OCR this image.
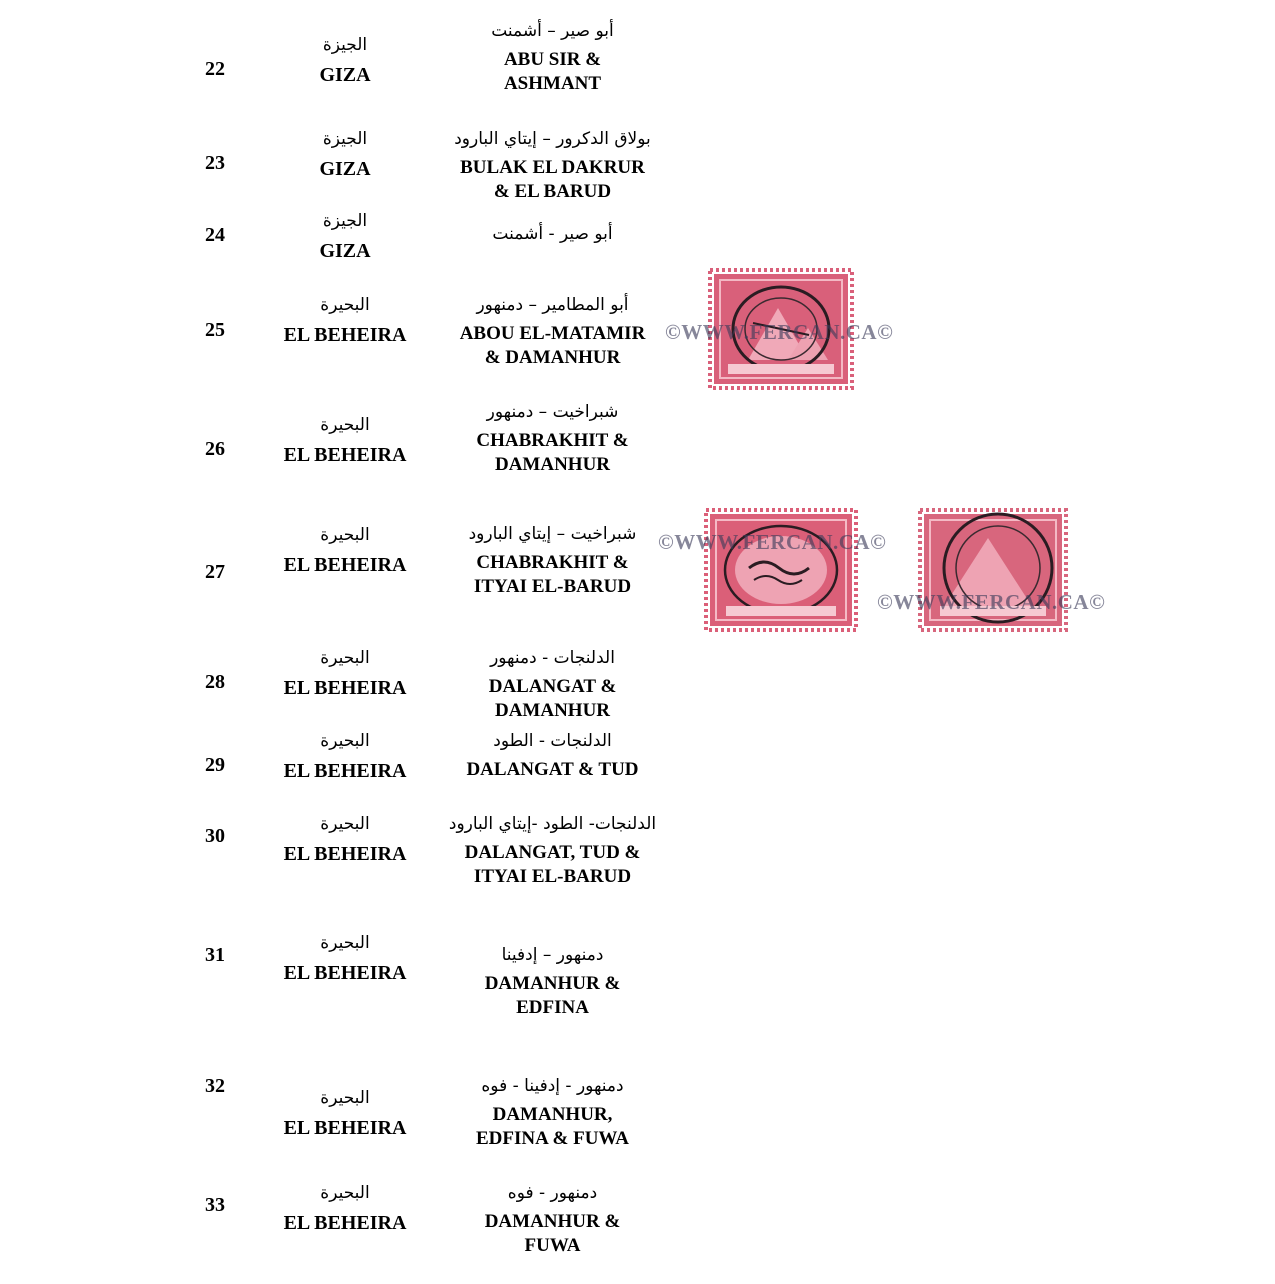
22
الجيزة
GIZA
أبو صير – أشمنت
ABU SIR &
ASHMANT
23
الجيزة
GIZA
بولاق الدكرور – إيتاي البارود
BULAK EL DAKRUR
& EL BARUD
24
الجيزة
GIZA
أبو صير - أشمنت
25
البحيرة
EL BEHEIRA
أبو المطامير – دمنهور
ABOU EL-MATAMIR
& DAMANHUR
26
البحيرة
EL BEHEIRA
شبراخيت – دمنهور
CHABRAKHIT &
DAMANHUR
27
البحيرة
EL BEHEIRA
شبراخيت – إيتاي البارود
CHABRAKHIT &
ITYAI EL-BARUD
28
البحيرة
EL BEHEIRA
الدلنجات - دمنهور
DALANGAT &
DAMANHUR
29
البحيرة
EL BEHEIRA
الدلنجات - الطود
DALANGAT & TUD
30
البحيرة
EL BEHEIRA
الدلنجات- الطود -إيتاي البارود
DALANGAT, TUD &
ITYAI EL-BARUD
31
البحيرة
EL BEHEIRA
دمنهور – إدفينا
DAMANHUR &
EDFINA
32
البحيرة
EL BEHEIRA
دمنهور - إدفينا - فوه
DAMANHUR,
EDFINA & FUWA
33
البحيرة
EL BEHEIRA
دمنهور - فوه
DAMANHUR &
FUWA
©WWW.FERCAN.CA©
©WWW.FERCAN.CA©
©WWW.FERCAN.CA©
